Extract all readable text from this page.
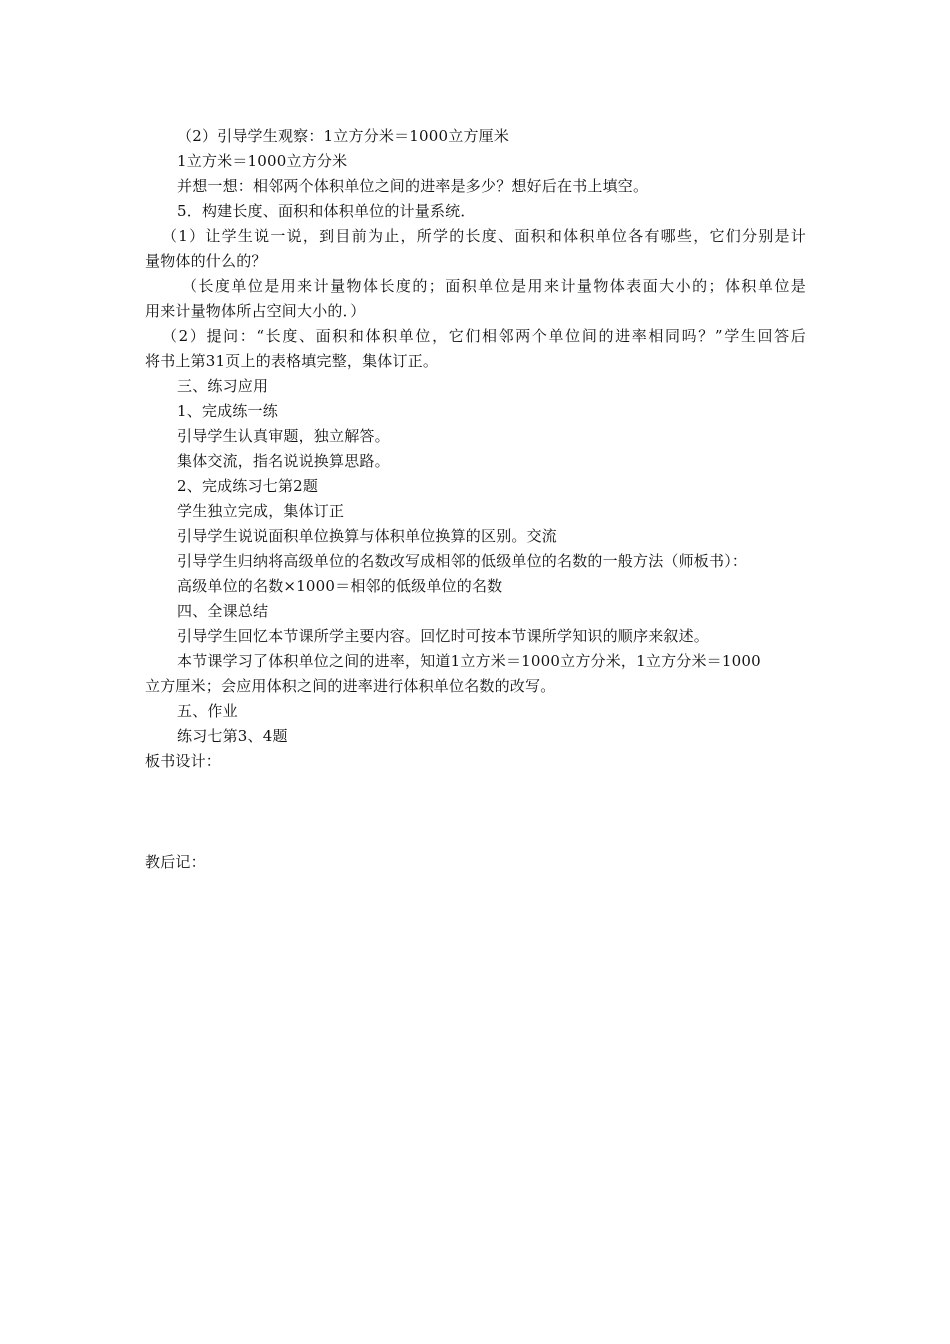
（2）引导学生观察：1立方分米＝1000立方厘米
1立方米＝1000立方分米
并想一想：相邻两个体积单位之间的进率是多少？想好后在书上填空。
5．构建长度、面积和体积单位的计量系统．
（1）让学生说一说，到目前为止，所学的长度、面积和体积单位各有哪些，它们分别是计
量物体的什么的？
（长度单位是用来计量物体长度的；面积单位是用来计量物体表面大小的；体积单位是
用来计量物体所占空间大小的．）
（2）提问：“长度、面积和体积单位，它们相邻两个单位间的进率相同吗？”学生回答后
将书上第31页上的表格填完整，集体订正。
三、练习应用
1、完成练一练
引导学生认真审题，独立解答。
集体交流，指名说说换算思路。
2、完成练习七第2题
学生独立完成，集体订正
引导学生说说面积单位换算与体积单位换算的区别。交流
引导学生归纳将高级单位的名数改写成相邻的低级单位的名数的一般方法（师板书）：
高级单位的名数×1000＝相邻的低级单位的名数
四、全课总结
引导学生回忆本节课所学主要内容。回忆时可按本节课所学知识的顺序来叙述。
本节课学习了体积单位之间的进率，知道1立方米＝1000立方分米，1立方分米＝1000
立方厘米；会应用体积之间的进率进行体积单位名数的改写。
五、作业
练习七第3、4题
板书设计：
教后记：
